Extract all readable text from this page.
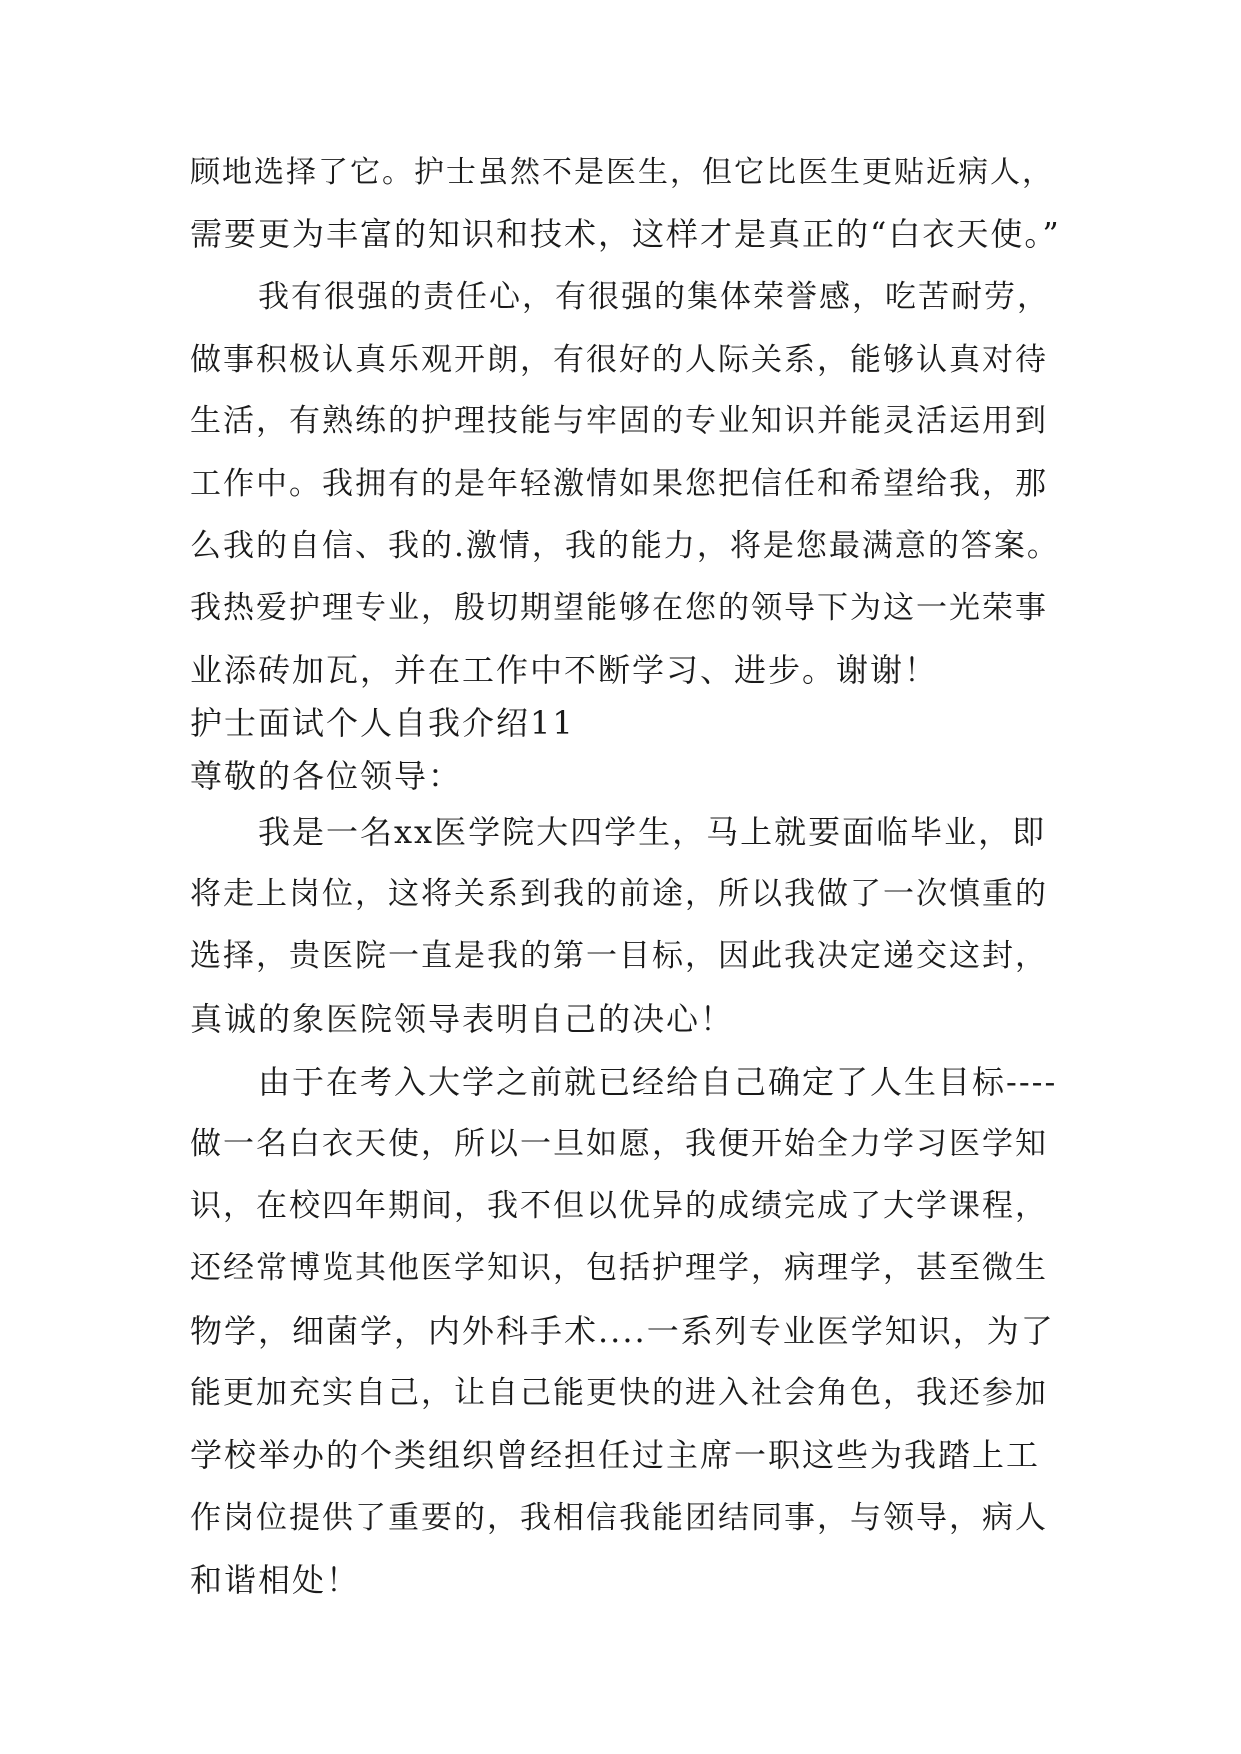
顾地选择了它。护士虽然不是医生，但它比医生更贴近病人，
需要更为丰富的知识和技术，这样才是真正的“白衣天使。”
我有很强的责任心，有很强的集体荣誉感，吃苦耐劳，
做事积极认真乐观开朗，有很好的人际关系，能够认真对待
生活，有熟练的护理技能与牢固的专业知识并能灵活运用到
工作中。我拥有的是年轻激情如果您把信任和希望给我，那
么我的自信、我的.激情，我的能力，将是您最满意的答案。
我热爱护理专业，殷切期望能够在您的领导下为这一光荣事
业添砖加瓦，并在工作中不断学习、进步。谢谢！
护士面试个人自我介绍11
尊敬的各位领导：
我是一名xx医学院大四学生，马上就要面临毕业，即
将走上岗位，这将关系到我的前途，所以我做了一次慎重的
选择，贵医院一直是我的第一目标，因此我决定递交这封，
真诚的象医院领导表明自己的决心！
由于在考入大学之前就已经给自己确定了人生目标----
做一名白衣天使，所以一旦如愿，我便开始全力学习医学知
识，在校四年期间，我不但以优异的成绩完成了大学课程，
还经常博览其他医学知识，包括护理学，病理学，甚至微生
物学，细菌学，内外科手术....一系列专业医学知识，为了
能更加充实自己，让自己能更快的进入社会角色，我还参加
学校举办的个类组织曾经担任过主席一职这些为我踏上工
作岗位提供了重要的，我相信我能团结同事，与领导，病人
和谐相处！
